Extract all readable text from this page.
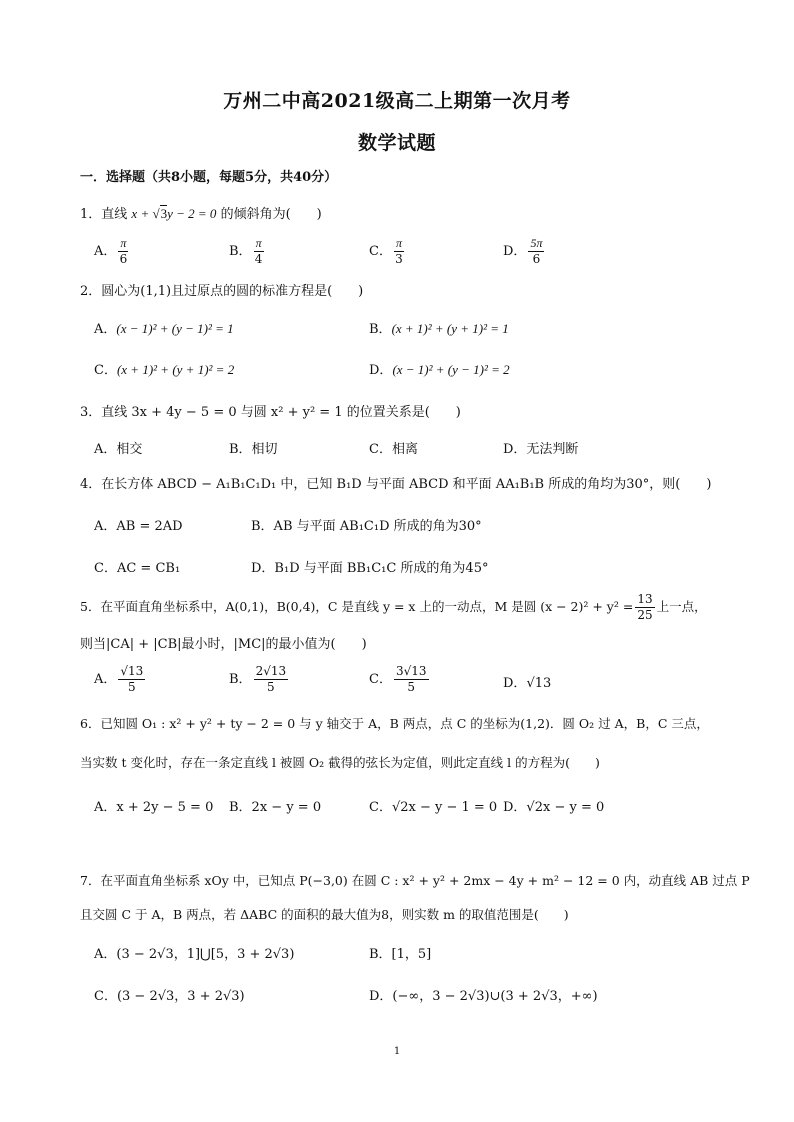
万州二中高2021级高二上期第一次月考
数学试题
一．选择题（共8小题，每题5分，共40分）
1．直线 x + √3y − 2 = 0 的倾斜角为(　　)
A． $\frac{\pi}{6}$	B． $\frac{\pi}{4}$	C． $\frac{\pi}{3}$	D． $\frac{5\pi}{6}$
2．圆心为(1,1)且过原点的圆的标准方程是(　　)
A．(x − 1)² + (y − 1)² = 1	B．(x + 1)² + (y + 1)² = 1
C．(x + 1)² + (y + 1)² = 2	D．(x − 1)² + (y − 1)² = 2
3．直线 3x + 4y − 5 = 0 与圆 x² + y² = 1 的位置关系是(　　)
A．相交	B．相切	C．相离	D．无法判断
4．在长方体 ABCD − A₁B₁C₁D₁ 中，已知 B₁D 与平面 ABCD 和平面 AA₁B₁B 所成的角均为30°，则(　　)
A．AB = 2AD	B．AB 与平面 AB₁C₁D 所成的角为30°
C．AC = CB₁	D．B₁D 与平面 BB₁C₁C 所成的角为45°
5．在平面直角坐标系中，A(0,1)，B(0,4)，C 是直线 y = x 上的一动点，M 是圆 $(x - 2)^2 + y^2 = \frac{13}{25}$ 上一点，
则当|CA| + |CB|最小时，|MC|的最小值为(　　)
A． $\frac{√13}{5}$	B． $\frac{2√13}{5}$	C． $\frac{3√13}{5}$	D．√13
6．已知圆 O₁ : x² + y² + ty − 2 = 0 与 y 轴交于 A，B 两点，点 C 的坐标为(1,2)．圆 O₂ 过 A，B，C 三点，
当实数 t 变化时，存在一条定直线 l 被圆 O₂ 截得的弦长为定值，则此定直线 l 的方程为(　　)
A．x + 2y − 5 = 0 B．2x − y = 0	C．√2x − y − 1 = 0 D．√2x − y = 0
7．在平面直角坐标系 xOy 中，已知点 P(−3,0) 在圆 C : x² + y² + 2mx − 4y + m² − 12 = 0 内，动直线 AB 过点 P
且交圆 C 于 A，B 两点，若 ΔABC 的面积的最大值为8，则实数 m 的取值范围是(　　)
A．(3 − 2√3，1]⋃[5，3 + 2√3)	B．[1，5]
C．(3 − 2√3，3 + 2√3)	D．(−∞，3 − 2√3)∪(3 + 2√3，+∞)
1
